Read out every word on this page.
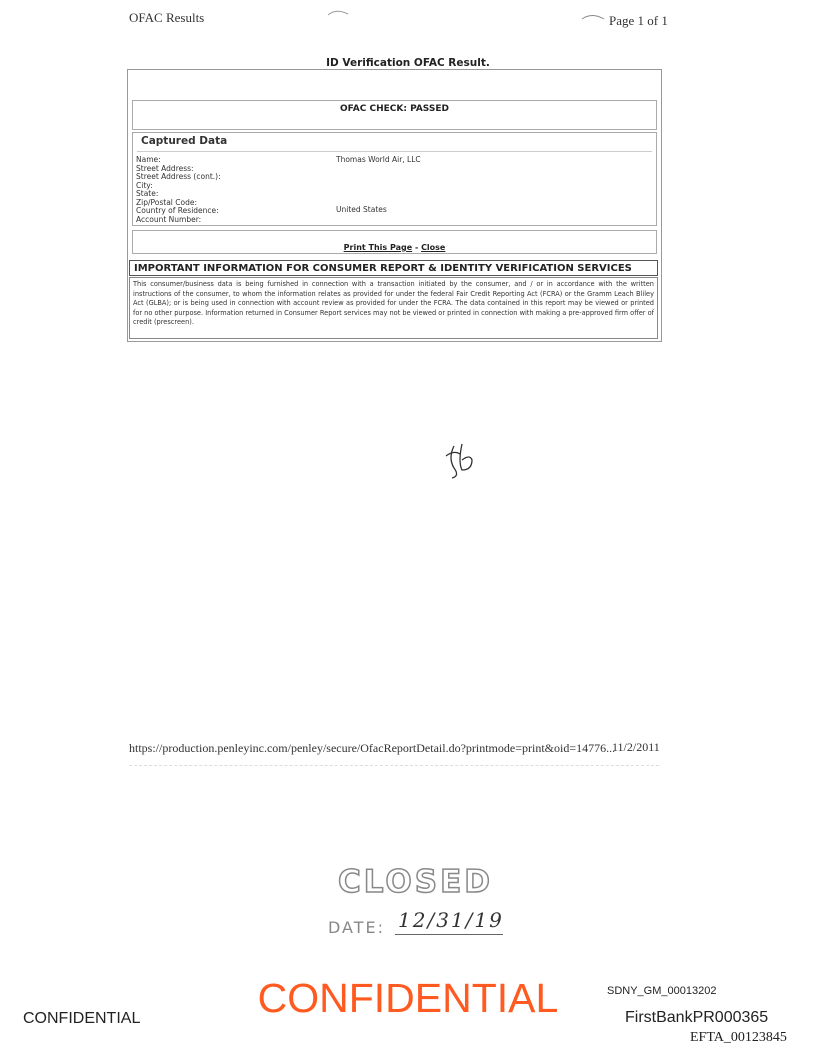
OFAC Results	Page 1 of 1
ID Verification OFAC Result.
OFAC CHECK: PASSED
Captured Data
Name:	Thomas World Air, LLC
Street Address:
Street Address (cont.):
City:
State:
Zip/Postal Code:
Country of Residence:	United States
Account Number:
Print This Page - Close
IMPORTANT INFORMATION FOR CONSUMER REPORT & IDENTITY VERIFICATION SERVICES
This consumer/business data is being furnished in connection with a transaction initiated by the consumer, and / or in accordance with the written instructions of the consumer, to whom the information relates as provided for under the federal Fair Credit Reporting Act (FCRA) or the Gramm Leach Bliley Act (GLBA); or is being used in connection with account review as provided for under the FCRA. The data contained in this report may be viewed or printed for no other purpose. Information returned in Consumer Report services may not be viewed or printed in connection with making a pre-approved firm offer of credit (prescreen).
https://production.penleyinc.com/penley/secure/OfacReportDetail.do?printmode=print&oid=14776...
11/2/2011
CLOSED
DATE: 12/31/19
SDNY_GM_00013202
CONFIDENTIAL	CONFIDENTIAL	FirstBankPR000365
EFTA_00123845
